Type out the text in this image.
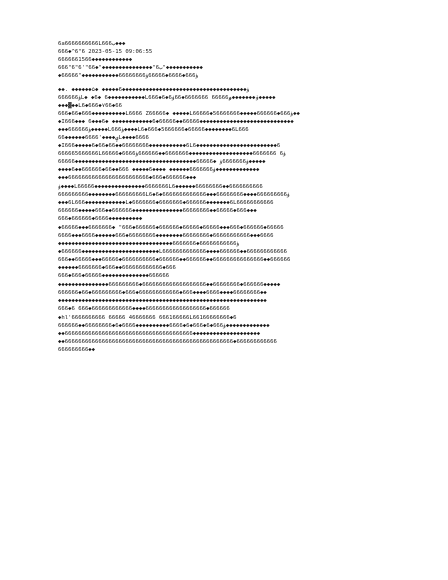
6a6666666666L666ب◆◆◆
666◆^6"6 2023-05-15 09:06:55
6666661566◆◆◆◆◆◆◆◆◆◆◆◆
666"6"ب6"◆◆◆◆◆◆◆◆◆◆◆◆◆◆◆"◆66"'6"◆◆◆◆◆◆◆◆◆◆◆
◆ۈ666◆6666◆66666ۈ66666666◆◆◆◆◆◆◆◆◆◆◆"66666
◆◆. ◆◆◆◆◆◆۵◆ ◆◆◆◆◆ۈ◆◆◆◆◆◆◆◆◆◆◆◆◆◆◆◆◆◆◆◆◆◆◆◆◆◆◆◆◆◆◆◆◆◆◆◆◆6
666666ۈL◆ ◆6◆ 6◆◆◆◆◆◆◆◆◆◆◆L666◆6◆ۈ◆◆◆◆◆◆◆۾66666 6666666◆66ۈ6◆◆◆◆◆
◆◆◆▓◆◆L6◆666◆۷66◆66
666◆66◆666◆◆◆◆◆◆◆◆◆◆L6666 Z66666◆ ◆◆◆◆◆L66666◆56666666◆◆◆◆◆666666◆ۈ666◆◆
◆I666◆◆◆ 6◆◆◆6◆ ◆◆◆◆◆◆◆◆◆◆◆◆6◆66666◆◆66666◆◆◆◆◆◆◆◆◆◆◆◆◆◆◆◆◆◆◆◆◆◆◆◆◆◆◆◆
◆◆◆666666ۈ◆◆◆◆◆L666ۈ◆◆◆◆L6◆666◆5666666◆66666◆◆◆◆◆◆◆◆6L666
ۑ◆◆◆◆'6666◆◆◆◆◆◆66L◆◆◆◆6666
◆I666◆◆◆◆◆6◆66◆66◆◆66666666◆◆◆◆◆◆◆◆◆◆◆6L6◆◆◆◆◆◆◆◆◆◆◆◆◆◆◆◆◆◆◆◆◆◆◆◆6
666665666666L66ۈ6 6666666◆◆◆◆◆◆◆◆◆◆◆◆◆◆◆◆◆◆◆6666666◆◆666666ۈ6666◆666
ۈ6666666ۈ ◆66666◆◆◆◆◆◆◆◆◆◆◆◆◆◆◆◆◆◆◆◆◆◆◆◆◆◆◆◆◆◆◆◆◆◆◆◆66666◆◆◆◆◆
◆◆◆◆6◆◆666666◆66◆◆666 ◆◆◆◆◆6◆◆◆◆ ◆◆◆◆◆◆66ۈ66666◆◆◆◆◆◆◆◆◆◆◆◆◆
◆◆◆666666666666666666666666◆666◆666666◆◆◆
ۈ◆◆◆◆L66666◆◆◆◆◆◆◆◆◆◆◆◆◆◆◆6666666L6◆◆◆◆◆◆66666666◆◆6666666666
666666666◆◆◆◆◆◆◆◆666666666L6◆6◆ۈ666666666◆◆◆◆66666666◆◆◆6666666666666
◆◆◆6L666◆◆◆◆◆◆◆◆◆◆◆◆L◆6666666◆6666666◆666666◆◆◆◆◆◆◆6L66666666666
666666◆◆◆◆◆666◆◆666666◆◆◆◆◆◆◆◆◆◆◆◆◆◆◆66666666◆◆66666◆666◆◆◆
666◆666666◆6666◆◆◆◆◆◆◆◆◆◆
◆66666◆◆◆6666666◆ "666◆666666◆666666◆66666◆66666◆◆◆666◆666666◆66666
6666◆◆◆6666◆◆◆◆◆◆666◆66666666◆◆◆◆◆◆◆◆66666666◆66666666666◆◆◆6666
◆◆◆◆◆◆◆◆◆◆◆◆◆◆◆◆◆◆◆◆◆◆◆◆◆◆◆◆◆◆◆◆◆◆6666666◆666666ۈ66666
◆666666◆◆◆◆◆◆◆◆◆◆◆◆◆◆◆◆◆◆◆◆◆◆◆L6666666666666◆◆◆◆666666◆◆666666666666
666◆◆66666◆◆◆66666◆6666666666◆666666◆◆666666◆◆666666666666666◆◆666666
◆◆◆◆◆◆6666666◆666◆◆666666666666◆666
666◆666◆66666◆◆◆◆◆◆◆◆◆◆◆◆◆◆666666
◆◆◆◆◆◆◆◆◆◆◆◆◆◆◆666666666◆6666666666666666666◆◆66666666◆666666◆◆◆◆◆
666666◆66◆666666666◆666◆666666666666◆666◆◆◆◆6666◆◆◆◆66666666◆◆
◆◆◆◆◆◆◆◆◆◆◆◆◆◆◆◆◆◆◆◆◆◆◆◆◆◆◆◆◆◆◆◆◆◆◆◆◆◆◆◆◆◆◆◆◆◆◆◆◆◆◆◆◆◆◆◆◆◆◆◆◆◆
666◆6 666◆666666666666◆◆◆◆666666666666666666◆666666
◆hl'6666666666 66666 46666666 666166666L66166666666◆6
666ۈ666◆6◆666◆6◆6666◆◆◆◆◆◆◆◆◆◆6666◆6◆66666666◆◆666◆◆◆◆◆◆◆◆◆◆◆◆◆
◆◆66666666666666666666666666666666666666◆◆◆◆◆◆◆◆◆◆◆◆◆◆◆◆◆◆◆◆
◆◆66666666666666666666666666666666666666666666666666◆666666666666
666666666◆◆
